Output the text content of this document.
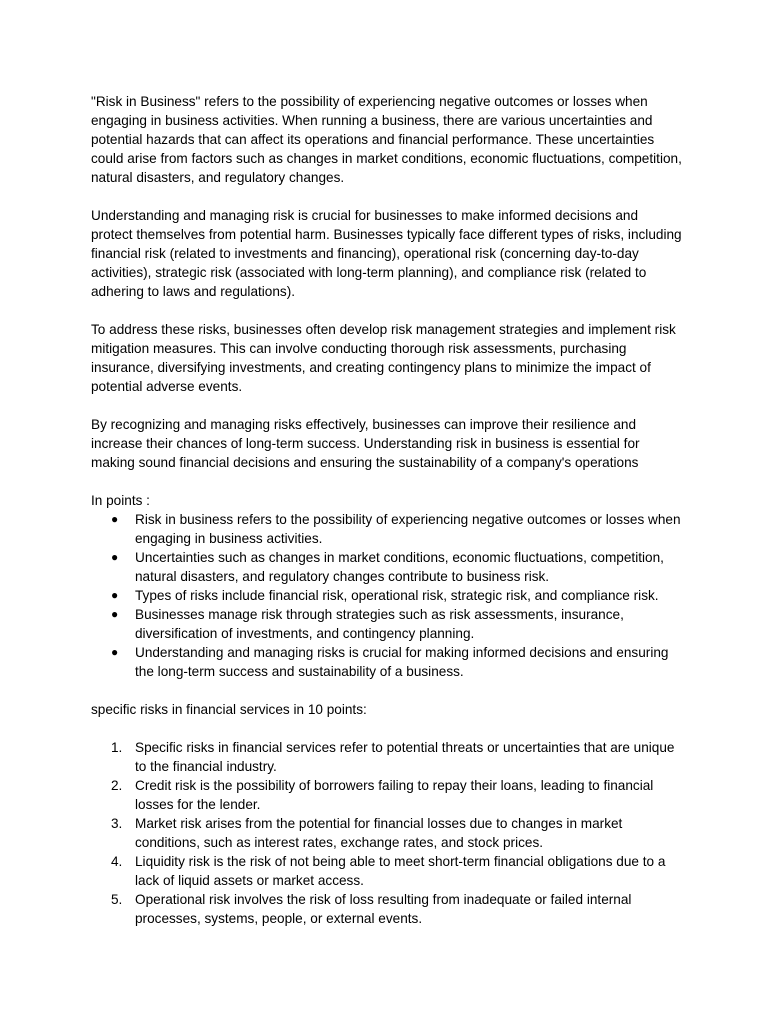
"Risk in Business" refers to the possibility of experiencing negative outcomes or losses when engaging in business activities. When running a business, there are various uncertainties and potential hazards that can affect its operations and financial performance. These uncertainties could arise from factors such as changes in market conditions, economic fluctuations, competition, natural disasters, and regulatory changes.

Understanding and managing risk is crucial for businesses to make informed decisions and protect themselves from potential harm. Businesses typically face different types of risks, including financial risk (related to investments and financing), operational risk (concerning day-to-day activities), strategic risk (associated with long-term planning), and compliance risk (related to adhering to laws and regulations).

To address these risks, businesses often develop risk management strategies and implement risk mitigation measures. This can involve conducting thorough risk assessments, purchasing insurance, diversifying investments, and creating contingency plans to minimize the impact of potential adverse events.

By recognizing and managing risks effectively, businesses can improve their resilience and increase their chances of long-term success. Understanding risk in business is essential for making sound financial decisions and ensuring the sustainability of a company's operations

In points :
● Risk in business refers to the possibility of experiencing negative outcomes or losses when engaging in business activities.
● Uncertainties such as changes in market conditions, economic fluctuations, competition, natural disasters, and regulatory changes contribute to business risk.
● Types of risks include financial risk, operational risk, strategic risk, and compliance risk.
● Businesses manage risk through strategies such as risk assessments, insurance, diversification of investments, and contingency planning.
● Understanding and managing risks is crucial for making informed decisions and ensuring the long-term success and sustainability of a business.
specific risks in financial services in 10 points:
1. Specific risks in financial services refer to potential threats or uncertainties that are unique to the financial industry.
2. Credit risk is the possibility of borrowers failing to repay their loans, leading to financial losses for the lender.
3. Market risk arises from the potential for financial losses due to changes in market conditions, such as interest rates, exchange rates, and stock prices.
4. Liquidity risk is the risk of not being able to meet short-term financial obligations due to a lack of liquid assets or market access.
5. Operational risk involves the risk of loss resulting from inadequate or failed internal processes, systems, people, or external events.
